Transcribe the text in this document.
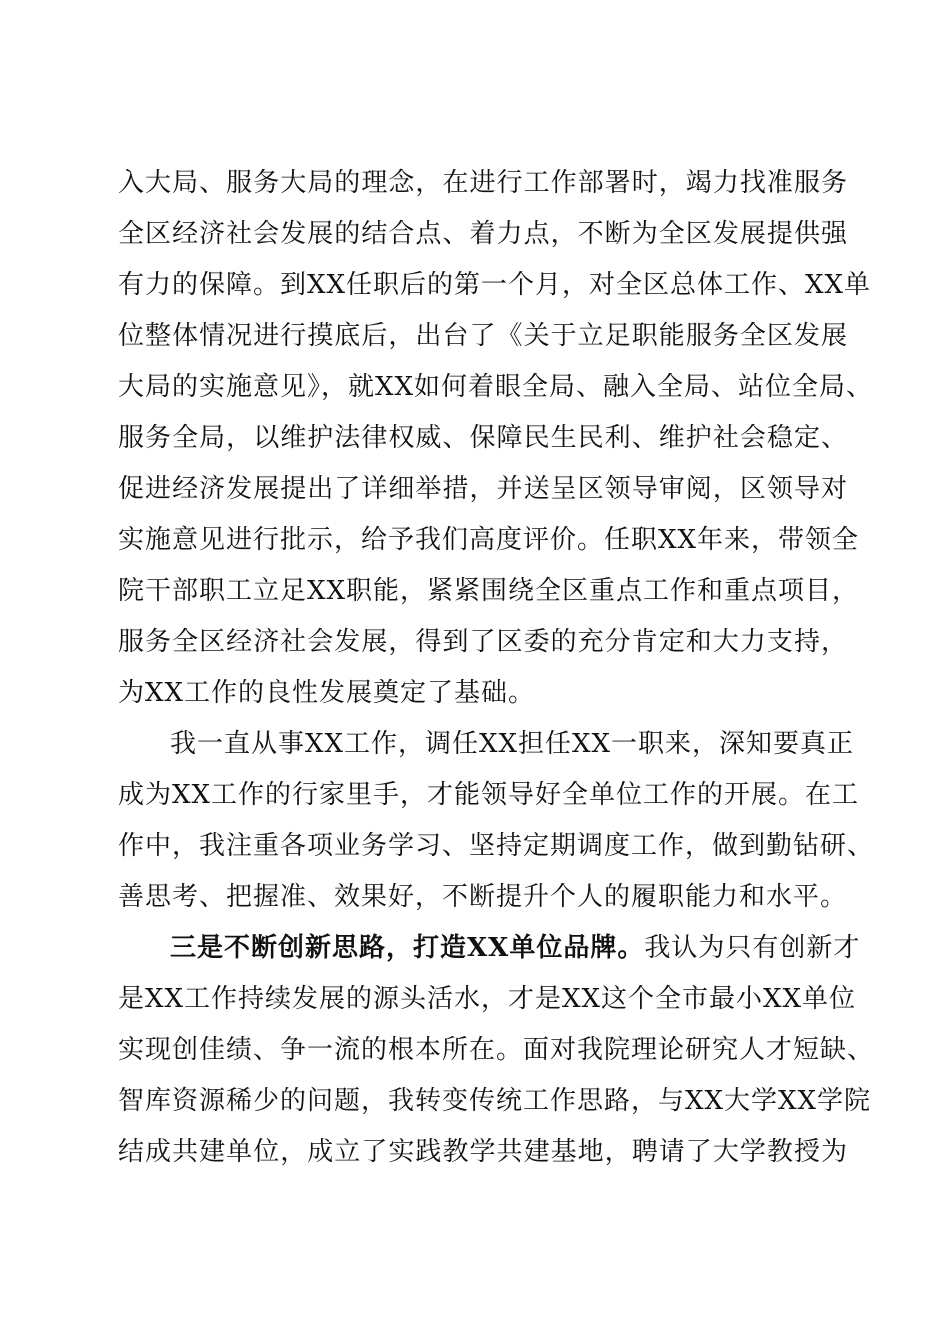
入大局、服务大局的理念，在进行工作部署时，竭力找准服务
全区经济社会发展的结合点、着力点，不断为全区发展提供强
有力的保障。到XX任职后的第一个月，对全区总体工作、XX单
位整体情况进行摸底后，出台了《关于立足职能服务全区发展
大局的实施意见》，就XX如何着眼全局、融入全局、站位全局、
服务全局，以维护法律权威、保障民生民利、维护社会稳定、
促进经济发展提出了详细举措，并送呈区领导审阅，区领导对
实施意见进行批示，给予我们高度评价。任职XX年来，带领全
院干部职工立足XX职能，紧紧围绕全区重点工作和重点项目，
服务全区经济社会发展，得到了区委的充分肯定和大力支持，
为XX工作的良性发展奠定了基础。
我一直从事XX工作，调任XX担任XX一职来，深知要真正
成为XX工作的行家里手，才能领导好全单位工作的开展。在工
作中，我注重各项业务学习、坚持定期调度工作，做到勤钻研、
善思考、把握准、效果好，不断提升个人的履职能力和水平。
三是不断创新思路，打造XX单位品牌。我认为只有创新才
是XX工作持续发展的源头活水，才是XX这个全市最小XX单位
实现创佳绩、争一流的根本所在。面对我院理论研究人才短缺、
智库资源稀少的问题，我转变传统工作思路，与XX大学XX学院
结成共建单位，成立了实践教学共建基地，聘请了大学教授为
